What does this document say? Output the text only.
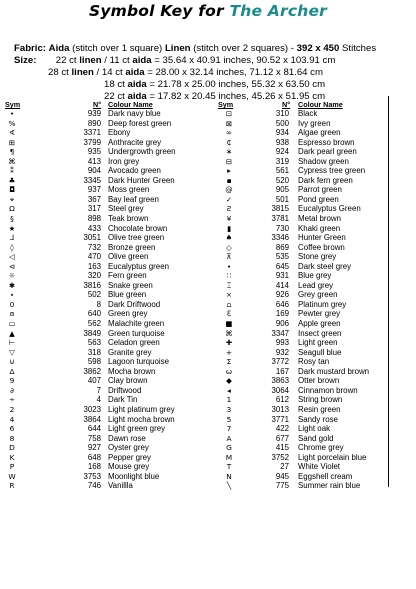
Symbol Key for The Archer
Fabric: Aida (stitch over 1 square) Linen (stitch over 2 squares) - 392 x 450 Stitches
Size: 22 ct linen / 11 ct aida = 35.64 x 40.91 inches, 90.52 x 103.91 cm
28 ct linen / 14 ct aida = 28.00 x 32.14 inches, 71.12 x 81.64 cm
18 ct aida = 21.78 x 25.00 inches, 55.32 x 63.50 cm
22 ct aida = 17.82 x 20.45 inches, 45.26 x 51.95 cm
Sym	N° Colour Name	Sym	N° Colour Name
•	939 Dark navy blue
%	890 Deep forest green
∢	3371 Ebony
⊞	3799 Anthracite grey
¶	935 Undergrowth green
⌘	413 Iron grey
⁑	904 Avocado green
♣	3345 Dark Hunter Green
◘	937 Moss green
⌖	367 Bay leaf green
Ω	317 Steel grey
§	898 Teak brown
★	433 Chocolate brown
⅃	3051 Olive tree green
◊	732 Bronze green
◁	470 Olive green
⊲	163 Eucalyptus green
☼	320 Fern green
✱	3816 Snake green
⬩	502 Blue green
0	8 Dark Driftwood
ɞ	640 Green grey
▭	562 Malachite green
▲	3849 Green turquoise
⊢	563 Celadon green
▽	318 Granite grey
⊍	598 Lagoon turquoise
Δ	3862 Mocha brown
9	407 Clay brown
∂	7 Driftwood
∻	4 Dark Tin
2	3023 Light platinum grey
4	3864 Light mocha brown
6	644 Light green grey
8	758 Dawn rose
D	927 Oyster grey
K	648 Pepper grey
P	168 Mouse grey
W	3753 Moonlight blue
R	746 Vanillla
⊡	310 Black
⊠	500 Ivy green
∞	934 Algae green
₵	938 Espresso brown
∗	924 Dark pearl green
⊟	319 Shadow green
▸	561 Cypress tree green
▪	520 Dark fern green
@	905 Parrot green
✓	501 Pond green
Ƨ	3815 Eucalyptus Green
¥	3781 Metal brown
▮	730 Khaki green
♠	3346 Hunter Green
◇	869 Coffee brown
⊼	535 Stone grey
•	645 Dark steel grey
∷	931 Blue grey
⌶	414 Lead grey
×	926 Grey green
⩍	646 Platinum grey
ℇ	169 Pewter grey
■	906 Apple green
⌘	3347 Insect green
✚	993 Light green
+	932 Seagull blue
Σ	3772 Rosy tan
ω	167 Dark mustard brown
◆	3863 Otter brown
◂	3064 Cinnamon brown
1	612 String brown
3	3013 Resin green
5	3771 Sandy rose
7	422 Light oak
A	677 Sand gold
G	415 Chrome grey
M	3752 Light porcelain blue
T	27 White Violet
N	945 Eggshell cream
╲	775 Summer rain blue
